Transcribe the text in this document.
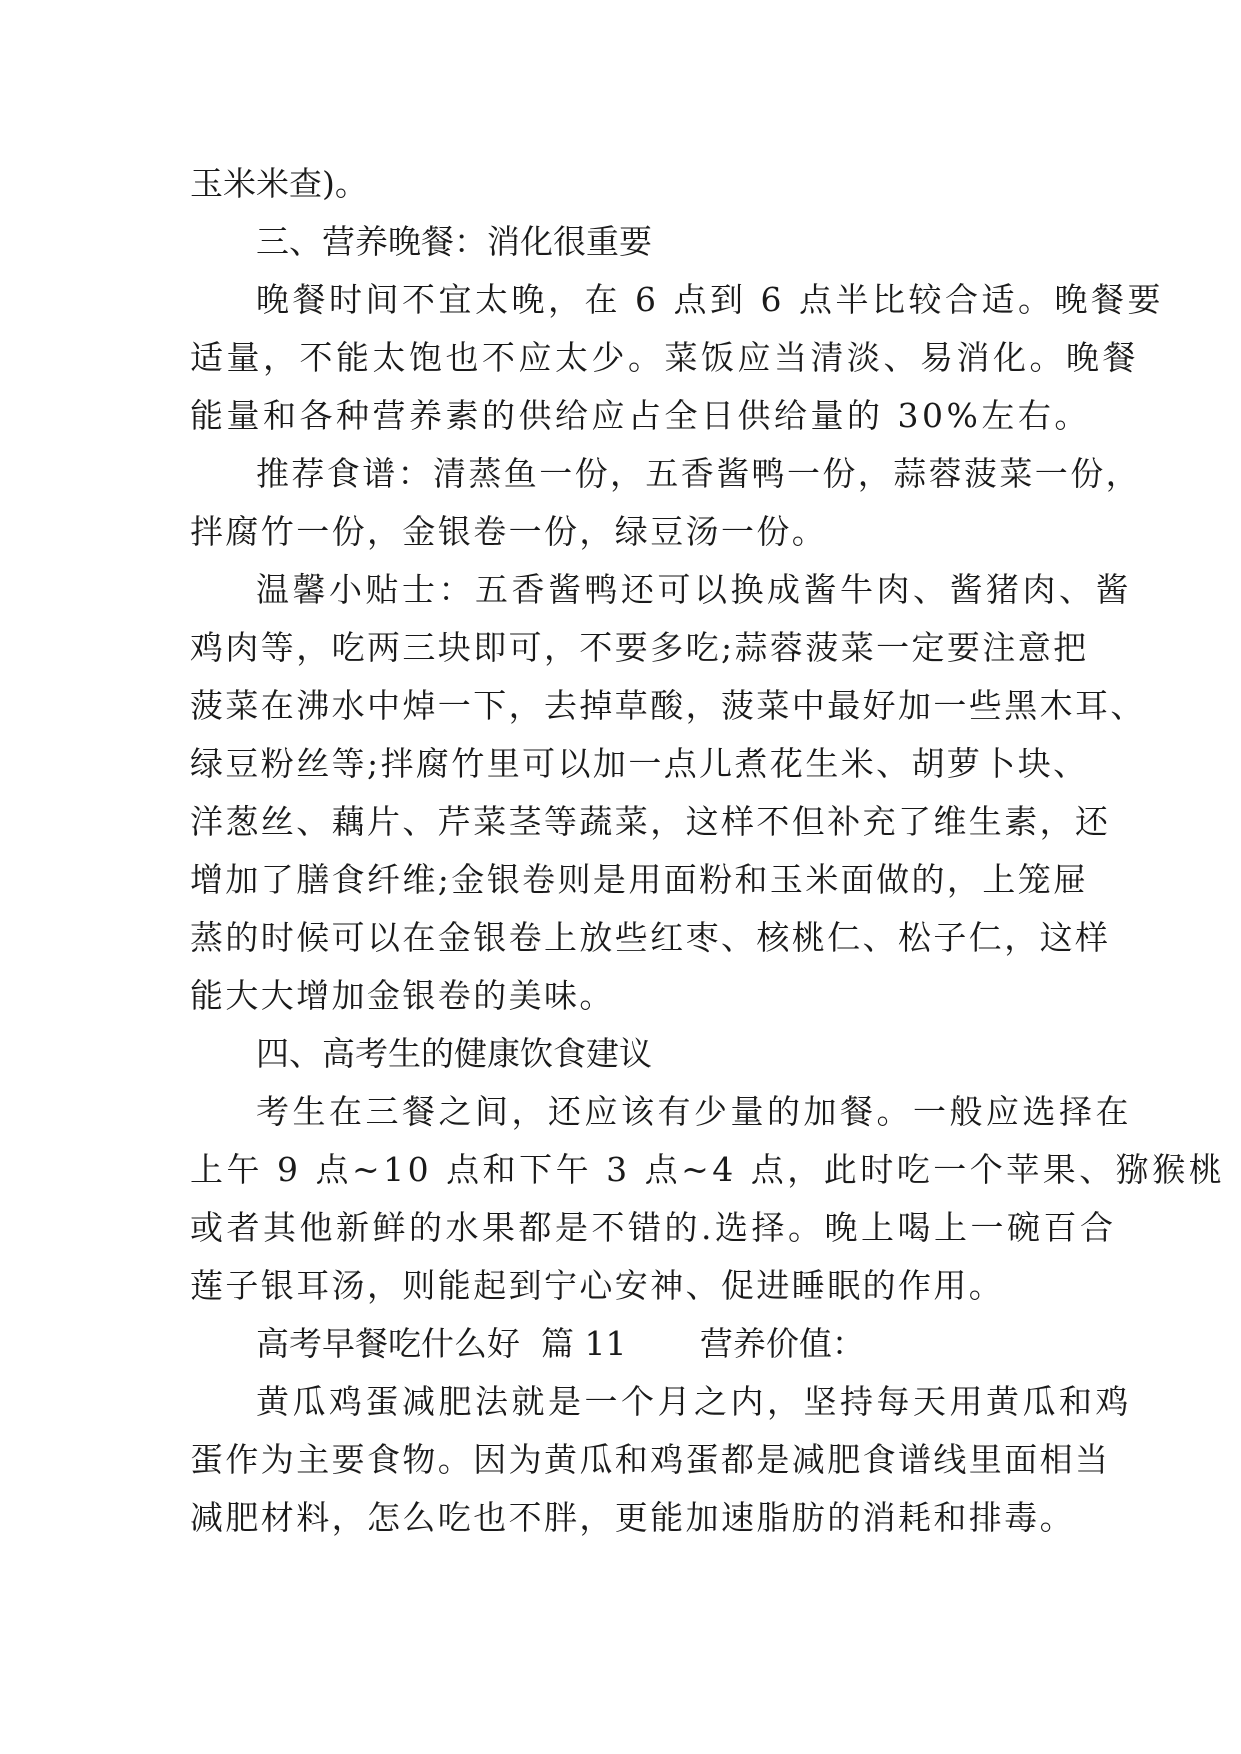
玉米米查)。
三、营养晚餐：消化很重要
晚餐时间不宜太晚，在 6 点到 6 点半比较合适。晚餐要
适量，不能太饱也不应太少。菜饭应当清淡、易消化。晚餐
能量和各种营养素的供给应占全日供给量的 30%左右。
推荐食谱：清蒸鱼一份，五香酱鸭一份，蒜蓉菠菜一份，
拌腐竹一份，金银卷一份，绿豆汤一份。
温馨小贴士：五香酱鸭还可以换成酱牛肉、酱猪肉、酱
鸡肉等，吃两三块即可，不要多吃;蒜蓉菠菜一定要注意把
菠菜在沸水中焯一下，去掉草酸，菠菜中最好加一些黑木耳、
绿豆粉丝等;拌腐竹里可以加一点儿煮花生米、胡萝卜块、
洋葱丝、藕片、芹菜茎等蔬菜，这样不但补充了维生素，还
增加了膳食纤维;金银卷则是用面粉和玉米面做的，上笼屉
蒸的时候可以在金银卷上放些红枣、核桃仁、松子仁，这样
能大大增加金银卷的美味。
四、高考生的健康饮食建议
考生在三餐之间，还应该有少量的加餐。一般应选择在
上午 9 点~10 点和下午 3 点~4 点，此时吃一个苹果、猕猴桃
或者其他新鲜的水果都是不错的.选择。晚上喝上一碗百合
莲子银耳汤，则能起到宁心安神、促进睡眠的作用。
高考早餐吃什么好  篇 11       营养价值：
黄瓜鸡蛋减肥法就是一个月之内，坚持每天用黄瓜和鸡
蛋作为主要食物。因为黄瓜和鸡蛋都是减肥食谱线里面相当
减肥材料，怎么吃也不胖，更能加速脂肪的消耗和排毒。
